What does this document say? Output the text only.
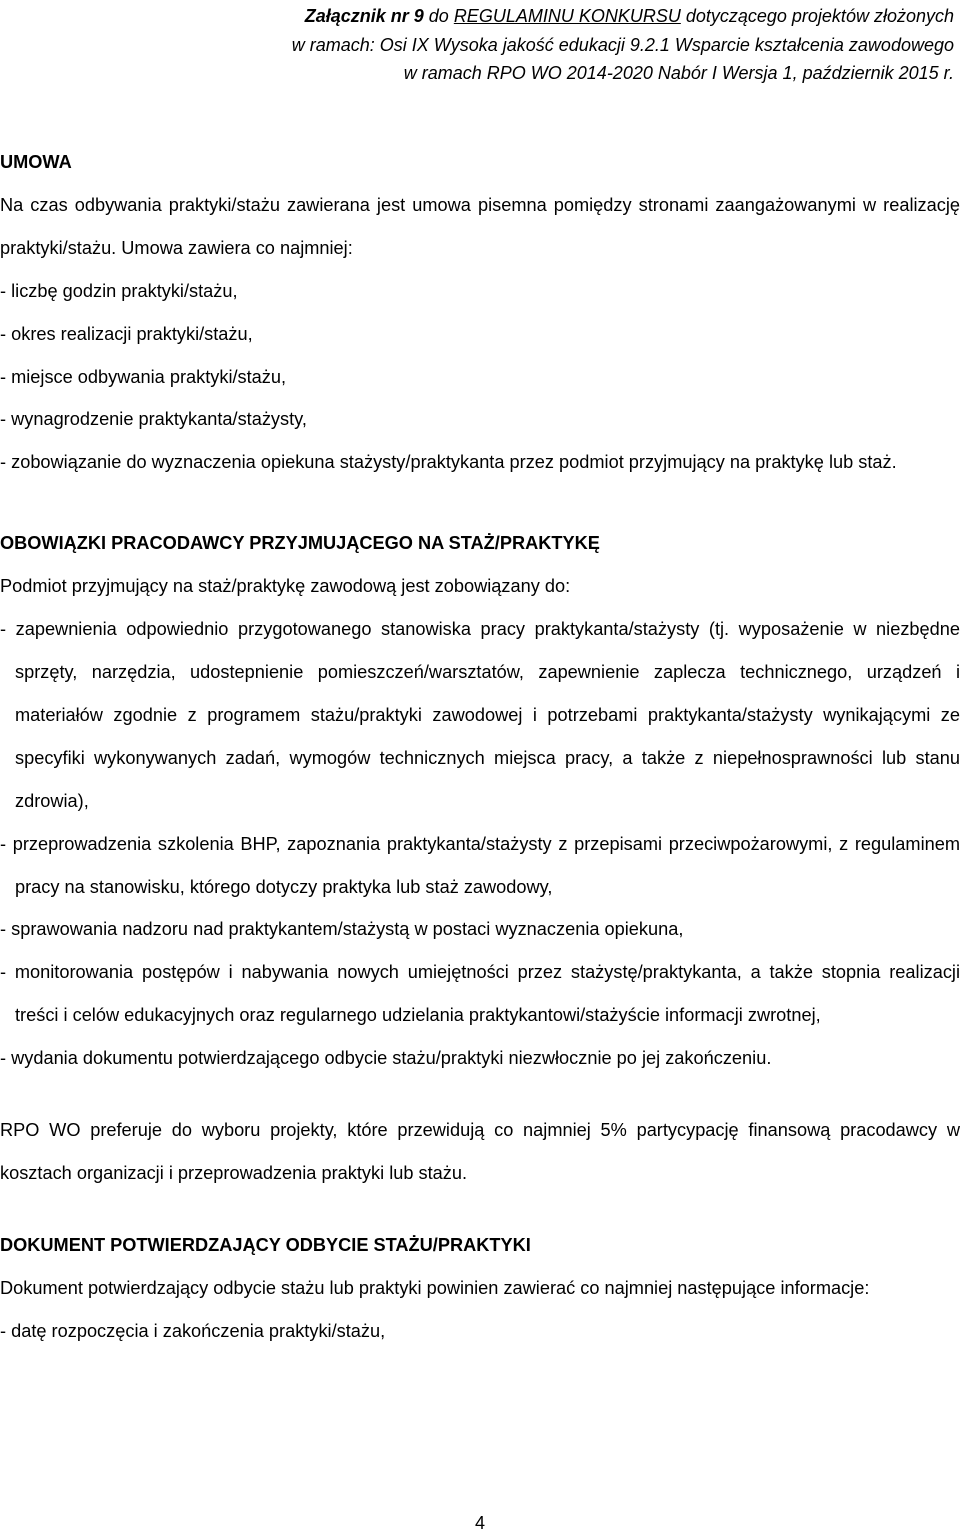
Załącznik nr 9 do REGULAMINU KONKURSU dotyczącego projektów złożonych
w ramach: Osi IX Wysoka jakość edukacji 9.2.1 Wsparcie kształcenia zawodowego
w ramach RPO WO 2014-2020 Nabór I Wersja 1, październik 2015 r.

UMOWA

Na czas odbywania praktyki/stażu zawierana jest umowa pisemna pomiędzy stronami zaangażowanymi w realizację praktyki/stażu. Umowa zawiera co najmniej:

- liczbę godzin praktyki/stażu,

- okres realizacji praktyki/stażu,

- miejsce odbywania praktyki/stażu,

- wynagrodzenie praktykanta/stażysty,

- zobowiązanie do wyznaczenia opiekuna stażysty/praktykanta przez podmiot przyjmujący na praktykę lub staż.

OBOWIĄZKI PRACODAWCY PRZYJMUJĄCEGO NA STAŻ/PRAKTYKĘ

Podmiot przyjmujący na staż/praktykę zawodową jest zobowiązany do:

- zapewnienia odpowiednio przygotowanego stanowiska pracy praktykanta/stażysty (tj. wyposażenie w niezbędne sprzęty, narzędzia, udostepnienie pomieszczeń/warsztatów, zapewnienie zaplecza technicznego, urządzeń i materiałów zgodnie z programem stażu/praktyki zawodowej i potrzebami praktykanta/stażysty wynikającymi ze specyfiki wykonywanych zadań, wymogów technicznych miejsca pracy, a także z niepełnosprawności lub stanu zdrowia),

- przeprowadzenia szkolenia BHP, zapoznania praktykanta/stażysty z przepisami przeciwpożarowymi, z regulaminem pracy na stanowisku, którego dotyczy praktyka lub staż zawodowy,

- sprawowania nadzoru nad praktykantem/stażystą w postaci wyznaczenia opiekuna,

- monitorowania postępów i nabywania nowych umiejętności przez stażystę/praktykanta, a także stopnia realizacji treści i celów edukacyjnych oraz regularnego udzielania praktykantowi/stażyście informacji zwrotnej,

- wydania dokumentu potwierdzającego odbycie stażu/praktyki niezwłocznie po jej zakończeniu.

RPO WO preferuje do wyboru projekty, które przewidują co najmniej 5% partycypację finansową pracodawcy w kosztach organizacji i przeprowadzenia praktyki lub stażu.

DOKUMENT POTWIERDZAJĄCY ODBYCIE STAŻU/PRAKTYKI

Dokument potwierdzający odbycie stażu lub praktyki powinien zawierać co najmniej następujące informacje:

- datę rozpoczęcia i zakończenia praktyki/stażu,

4
